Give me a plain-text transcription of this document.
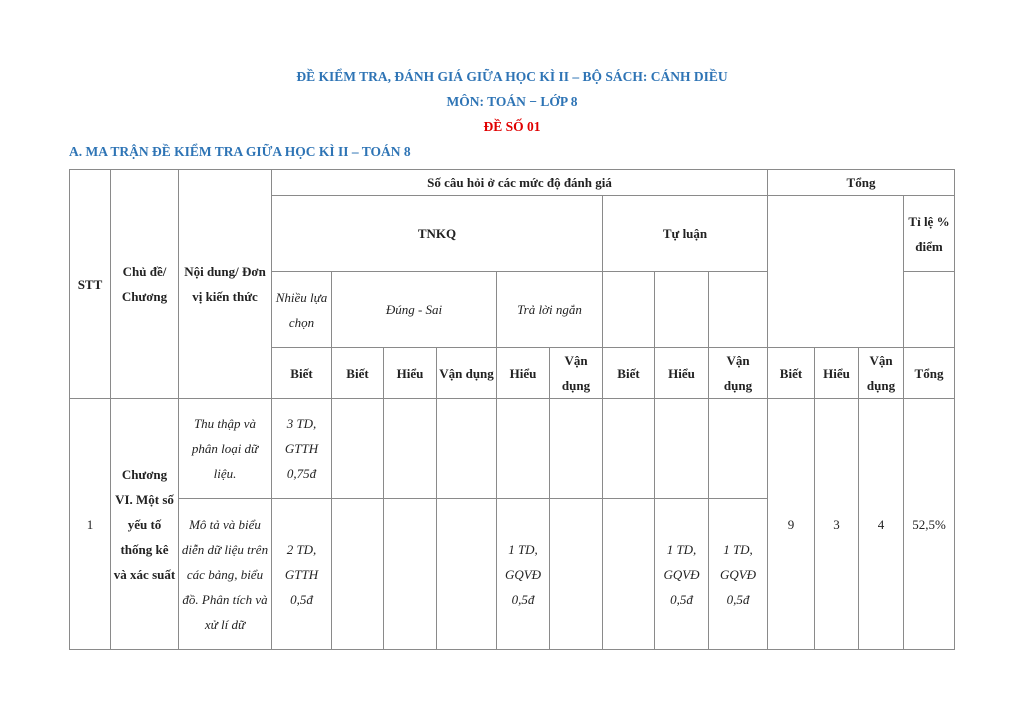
ĐỀ KIỂM TRA, ĐÁNH GIÁ GIỮA HỌC KÌ II – BỘ SÁCH: CÁNH DIỀU
MÔN: TOÁN − LỚP 8
ĐỀ SỐ 01
A. MA TRẬN ĐỀ KIỂM TRA GIỮA HỌC KÌ II – TOÁN 8
STT	Chủ đề/ Chương	Nội dung/ Đơn vị kiến thức	Số câu hỏi ở các mức độ đánh giá									Tổng			
			TNKQ						Tự luận						Tỉ lệ % điểm
			Nhiều lựa chọn	Đúng - Sai			Trả lời ngắn								
			Biết	Biết	Hiểu	Vận dụng	Hiểu	Vận dụng	Biết	Hiểu	Vận dụng	Biết	Hiểu	Vận dụng	Tổng
1	Chương VI. Một số yếu tố thống kê và xác suất	Thu thập và phân loại dữ liệu.	3 TD, GTTH 0,75đ									9	3	4	52,5%
		Mô tả và biểu diễn dữ liệu trên các bảng, biểu đồ. Phân tích và xử lí dữ	2 TD, GTTH 0,5đ				1 TD, GQVĐ 0,5đ			1 TD, GQVĐ 0,5đ	1 TD, GQVĐ 0,5đ				
